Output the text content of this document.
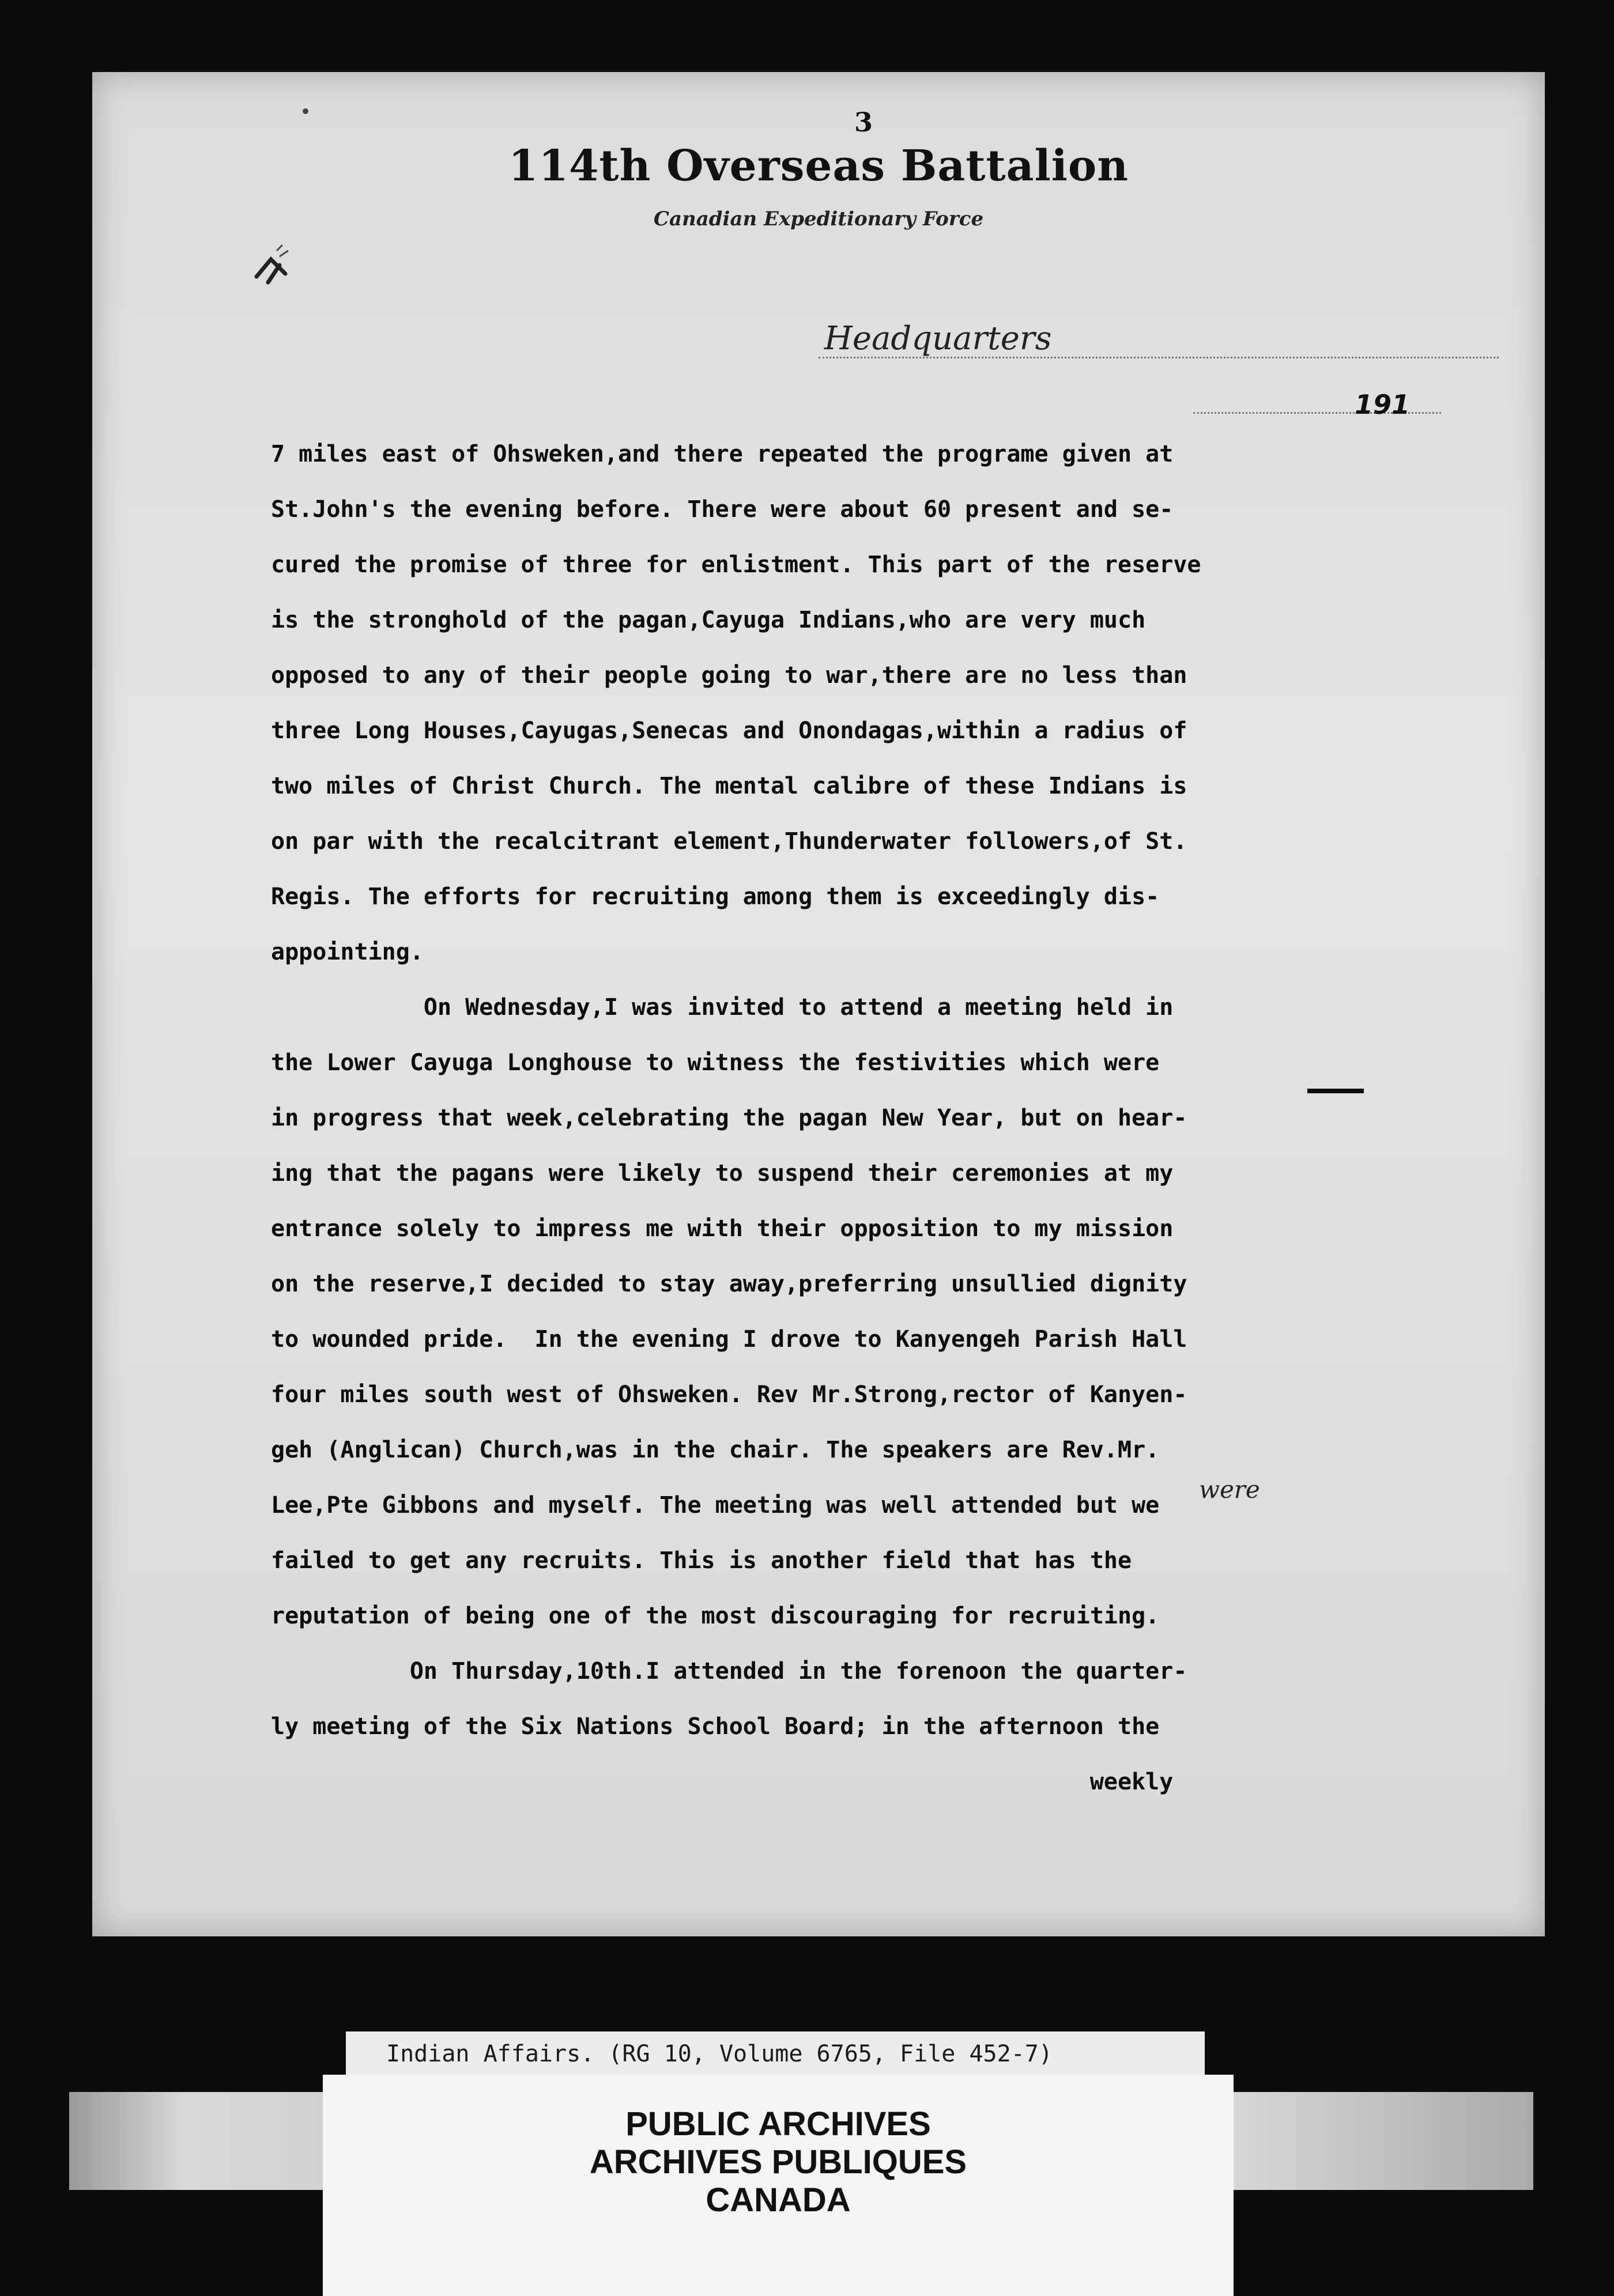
3
114th Overseas Battalion
Canadian Expeditionary Force
Headquarters
191
7 miles east of Ohsweken,and there repeated the programe given at
St.John's the evening before. There were about 60 present and se-
cured the promise of three for enlistment. This part of the reserve
is the stronghold of the pagan,Cayuga Indians,who are very much
opposed to any of their people going to war,there are no less than
three Long Houses,Cayugas,Senecas and Onondagas,within a radius of
two miles of Christ Church. The mental calibre of these Indians is
on par with the recalcitrant element,Thunderwater followers,of St.
Regis. The efforts for recruiting among them is exceedingly dis-
appointing.
On Wednesday,I was invited to attend a meeting held in
the Lower Cayuga Longhouse to witness the festivities which were
in progress that week,celebrating the pagan New Year, but on hear-
ing that the pagans were likely to suspend their ceremonies at my
entrance solely to impress me with their opposition to my mission
on the reserve,I decided to stay away,preferring unsullied dignity
to wounded pride.  In the evening I drove to Kanyengeh Parish Hall
four miles south west of Ohsweken. Rev Mr.Strong,rector of Kanyen-
geh (Anglican) Church,was in the chair. The speakers are Rev.Mr.
Lee,Pte Gibbons and myself. The meeting was well attended but we
failed to get any recruits. This is another field that has the
reputation of being one of the most discouraging for recruiting.
On Thursday,10th.I attended in the forenoon the quarter-
ly meeting of the Six Nations School Board; in the afternoon the
weekly
were
Indian Affairs. (RG 10, Volume 6765, File 452-7)
PUBLIC ARCHIVES
ARCHIVES PUBLIQUES
CANADA
